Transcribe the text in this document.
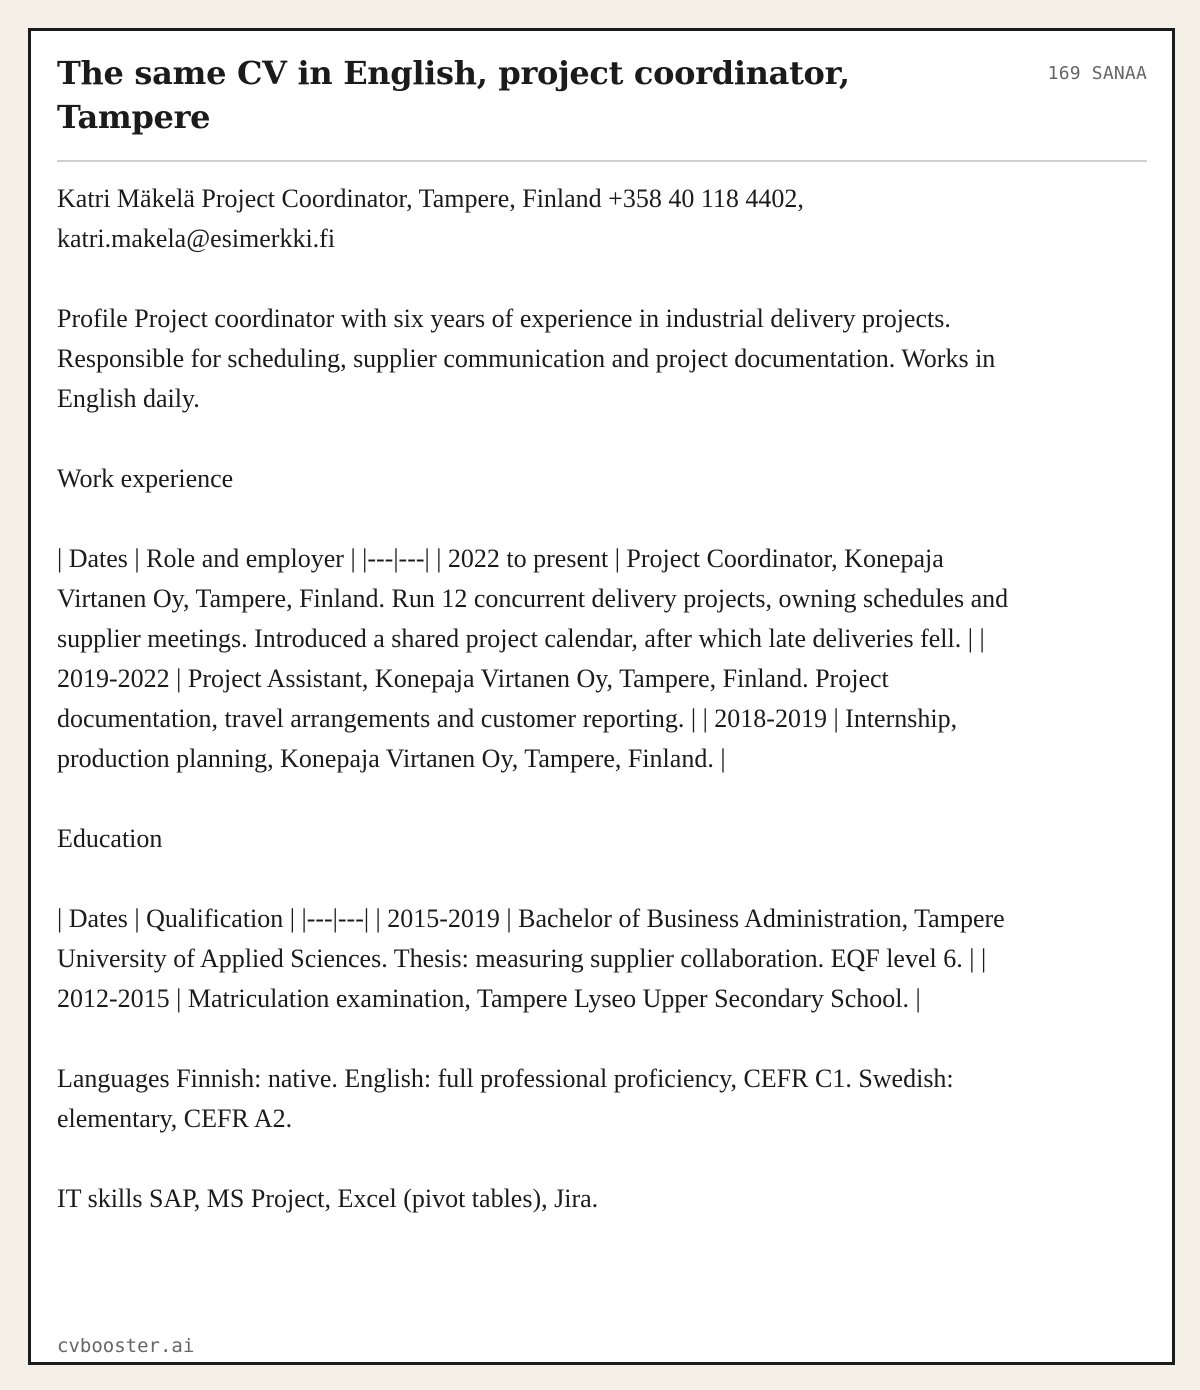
The same CV in English, project coordinator, Tampere
169 SANAA

Katri Mäkelä Project Coordinator, Tampere, Finland +358 40 118 4402, katri.makela@esimerkki.fi

Profile Project coordinator with six years of experience in industrial delivery projects. Responsible for scheduling, supplier communication and project documentation. Works in English daily.

Work experience

| Dates | Role and employer | |---|---| | 2022 to present | Project Coordinator, Konepaja Virtanen Oy, Tampere, Finland. Run 12 concurrent delivery projects, owning schedules and supplier meetings. Introduced a shared project calendar, after which late deliveries fell. | | 2019-2022 | Project Assistant, Konepaja Virtanen Oy, Tampere, Finland. Project documentation, travel arrangements and customer reporting. | | 2018-2019 | Internship, production planning, Konepaja Virtanen Oy, Tampere, Finland. |

Education

| Dates | Qualification | |---|---| | 2015-2019 | Bachelor of Business Administration, Tampere University of Applied Sciences. Thesis: measuring supplier collaboration. EQF level 6. | | 2012-2015 | Matriculation examination, Tampere Lyseo Upper Secondary School. |

Languages Finnish: native. English: full professional proficiency, CEFR C1. Swedish: elementary, CEFR A2.

IT skills SAP, MS Project, Excel (pivot tables), Jira.

cvbooster.ai
